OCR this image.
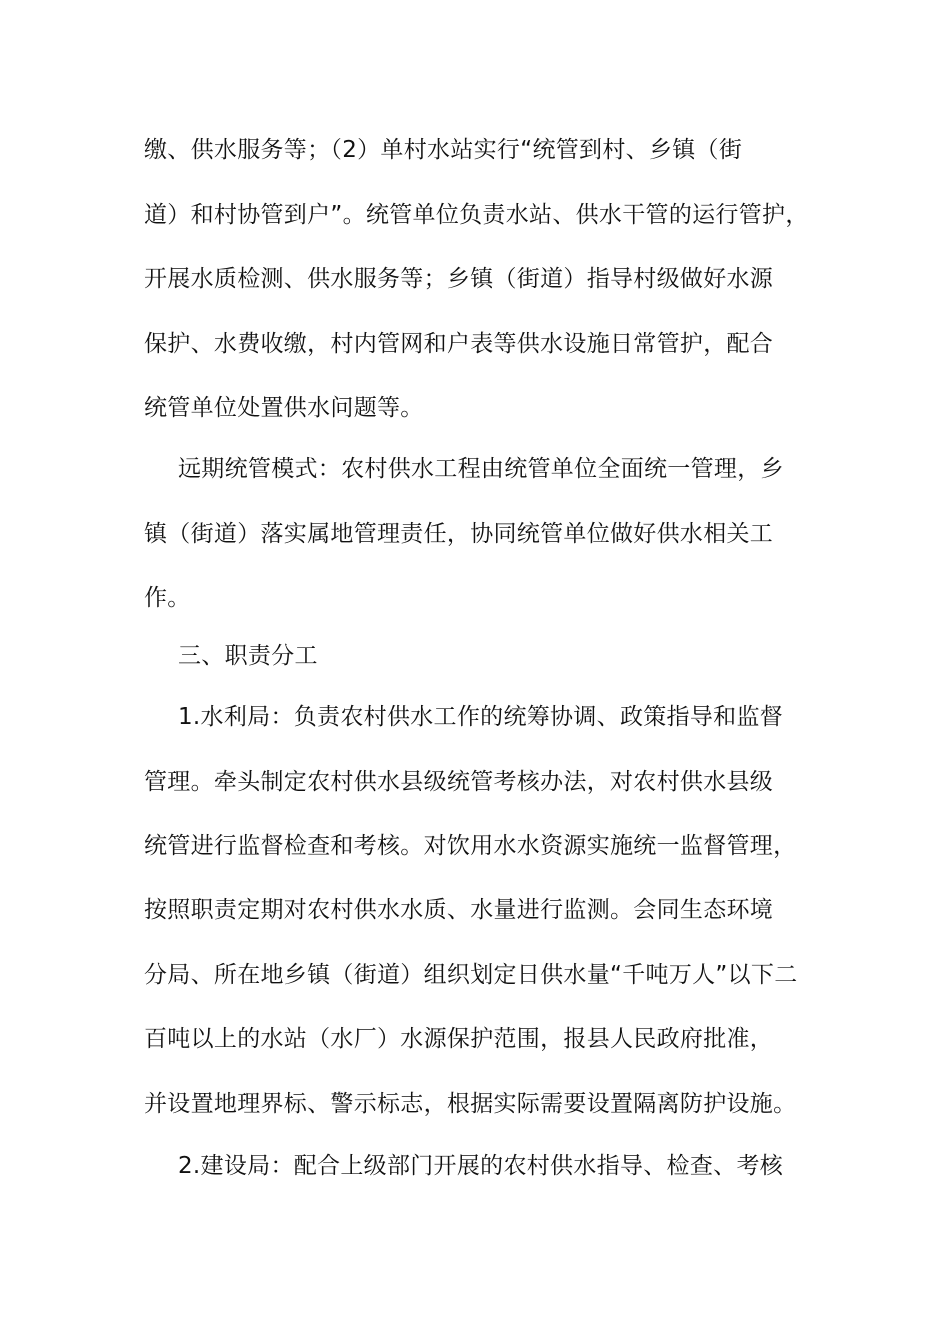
缴、供水服务等；（2）单村水站实行“统管到村、乡镇（街
道）和村协管到户”。统管单位负责水站、供水干管的运行管护，
开展水质检测、供水服务等；乡镇（街道）指导村级做好水源
保护、水费收缴，村内管网和户表等供水设施日常管护，配合
统管单位处置供水问题等。
远期统管模式：农村供水工程由统管单位全面统一管理，乡
镇（街道）落实属地管理责任，协同统管单位做好供水相关工
作。
三、职责分工
1.水利局：负责农村供水工作的统筹协调、政策指导和监督
管理。牵头制定农村供水县级统管考核办法，对农村供水县级
统管进行监督检查和考核。对饮用水水资源实施统一监督管理，
按照职责定期对农村供水水质、水量进行监测。会同生态环境
分局、所在地乡镇（街道）组织划定日供水量“千吨万人”以下二
百吨以上的水站（水厂）水源保护范围，报县人民政府批准，
并设置地理界标、警示标志，根据实际需要设置隔离防护设施。
2.建设局：配合上级部门开展的农村供水指导、检查、考核
